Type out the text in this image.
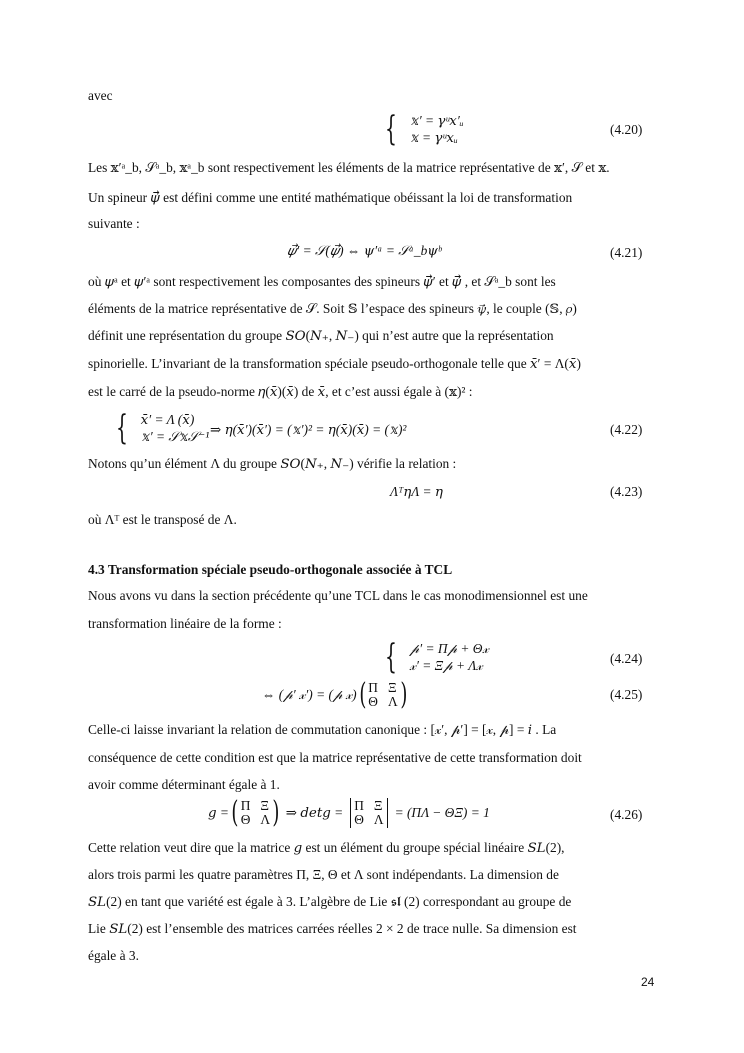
avec
{ 𝕩′ = 𝛾ᵘ𝑥′ᵤ
𝕩 = 𝛾ᵘ𝑥ᵤ
(4.20)
Les 𝕩′ᵃ_b, 𝒮ᵃ_b, 𝕩ᵃ_b sont respectivement les éléments de la matrice représentative de 𝕩′, 𝒮 et 𝕩.
Un spineur 𝜓⃗ est défini comme une entité mathématique obéissant la loi de transformation
suivante :
𝜓⃗′ = 𝒮(𝜓⃗) ⇔ 𝜓′ᵃ = 𝒮ᵃ_b𝜓ᵇ	(4.21)
où 𝜓ᵃ et 𝜓′ᵃ sont respectivement les composantes des spineurs 𝜓⃗′ et 𝜓⃗ , et 𝒮ᵃ_b sont les
éléments de la matrice représentative de 𝒮. Soit 𝕊 l’espace des spineurs 𝜓⃗, le couple (𝕊, 𝜌)
définit une représentation du groupe 𝑆𝑂(𝑁₊, 𝑁₋) qui n’est autre que la représentation
spinorielle. L’invariant de la transformation spéciale pseudo-orthogonale telle que 𝑥̄′ = Λ(𝑥̄)
est le carré de la pseudo-norme 𝜂(𝑥̄)(𝑥̄) de 𝑥̄, et c’est aussi égale à (𝕩)² :
{ 𝑥̄′ = Λ (𝑥̄)
𝕩′ = 𝒮𝕩𝒮⁻¹ ⇒ 𝜂(𝑥̄′)(𝑥̄′) = (𝕩′)² = 𝜂(𝑥̄)(𝑥̄) = (𝕩)²	(4.22)
Notons qu’un élément Λ du groupe 𝑆𝑂(𝑁₊, 𝑁₋) vérifie la relation :
Λᵀ𝜂Λ = 𝜂	(4.23)
où Λᵀ est le transposé de Λ.
4.3 Transformation spéciale pseudo-orthogonale associée à TCL
Nous avons vu dans la section précédente qu’une TCL dans le cas monodimensionnel est une
transformation linéaire de la forme :
{ 𝓅′ = Π𝓅 + Θ𝓍
𝓍′ = Ξ𝓅 + Λ𝓍	(4.24)
⇔ (𝓅′ 𝓍′) = (𝓅 𝓍) ( Π Ξ
Θ Λ )	(4.25)
Celle-ci laisse invariant la relation de commutation canonique : [𝓍′, 𝓅′] = [𝓍, 𝓅] = 𝑖 . La
conséquence de cette condition est que la matrice représentative de cette transformation doit
avoir comme déterminant égale à 1.
𝑔 = ( Π Ξ
Θ Λ ) ⇒ 𝑑𝑒𝑡𝑔 = Π Ξ
Θ Λ = (ΠΛ − ΘΞ) = 1	(4.26)
Cette relation veut dire que la matrice 𝑔 est un élément du groupe spécial linéaire 𝑆𝐿(2),
alors trois parmi les quatre paramètres Π, Ξ, Θ et Λ sont indépendants. La dimension de
𝑆𝐿(2) en tant que variété est égale à 3. L’algèbre de Lie 𝖘𝖑 (2) correspondant au groupe de
Lie 𝑆𝐿(2) est l’ensemble des matrices carrées réelles 2 × 2 de trace nulle. Sa dimension est
égale à 3.
24
